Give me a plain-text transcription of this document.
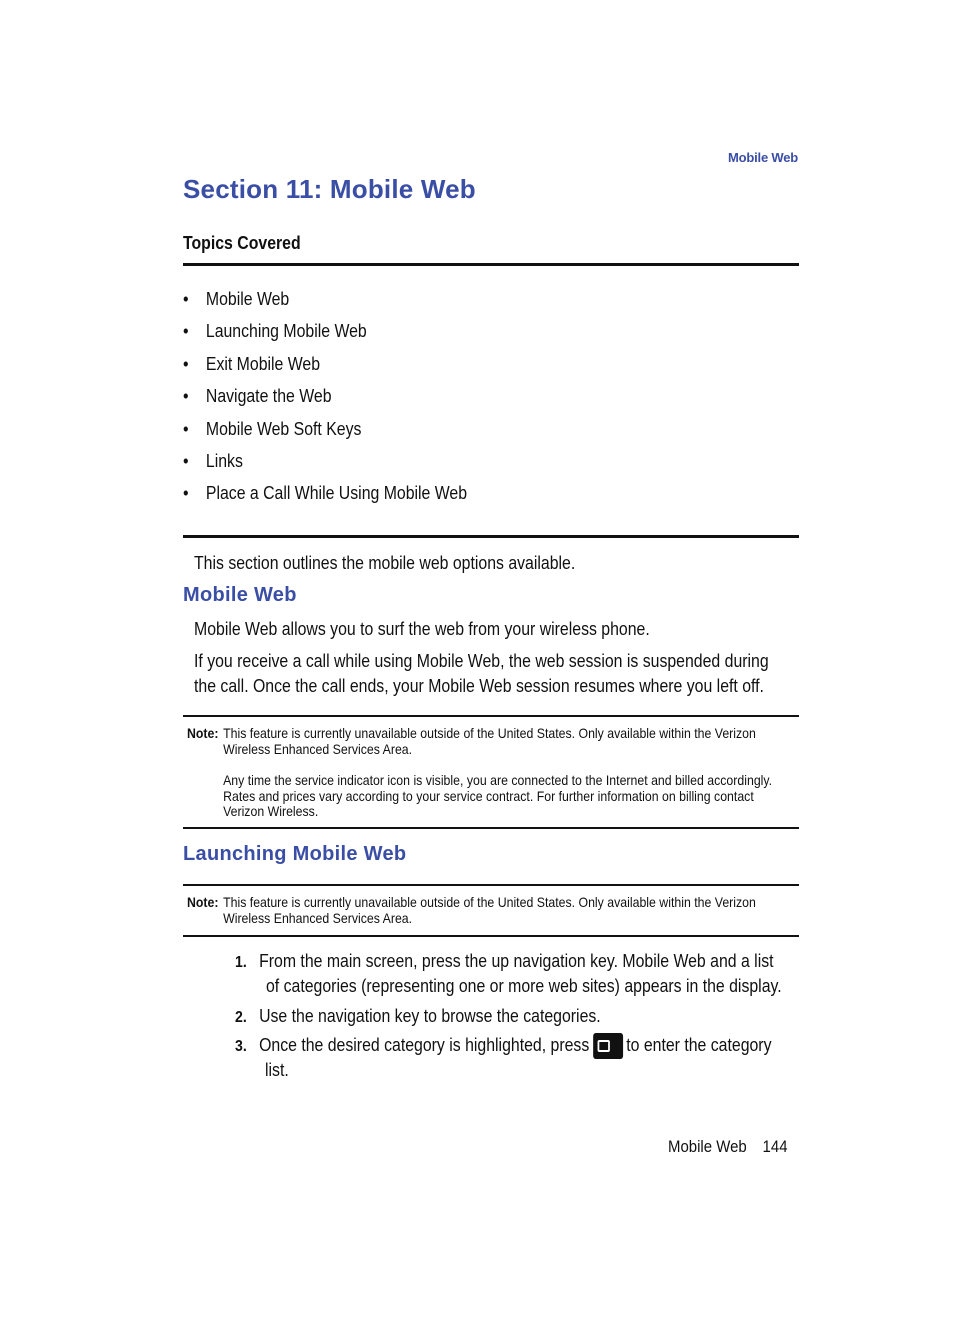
Mobile Web
Section 11: Mobile Web
Topics Covered
• Mobile Web
• Launching Mobile Web
• Exit Mobile Web
• Navigate the Web
• Mobile Web Soft Keys
• Links
• Place a Call While Using Mobile Web

This section outlines the mobile web options available.

Mobile Web

Mobile Web allows you to surf the web from your wireless phone.

If you receive a call while using Mobile Web, the web session is suspended during

the call. Once the call ends, your Mobile Web session resumes where you left off.

Note: This feature is currently unavailable outside of the United States. Only available within the Verizon
Wireless Enhanced Services Area.
Any time the service indicator icon is visible, you are connected to the Internet and billed accordingly.
Rates and prices vary according to your service contract. For further information on billing contact
Verizon Wireless.
Launching Mobile Web
Note: This feature is currently unavailable outside of the United States. Only available within the Verizon
Wireless Enhanced Services Area.
1. From the main screen, press the up navigation key. Mobile Web and a list
of categories (representing one or more web sites) appears in the display.
2. Use the navigation key to browse the categories.
3. Once the desired category is highlighted, press to enter the category
list.
Mobile Web 144
